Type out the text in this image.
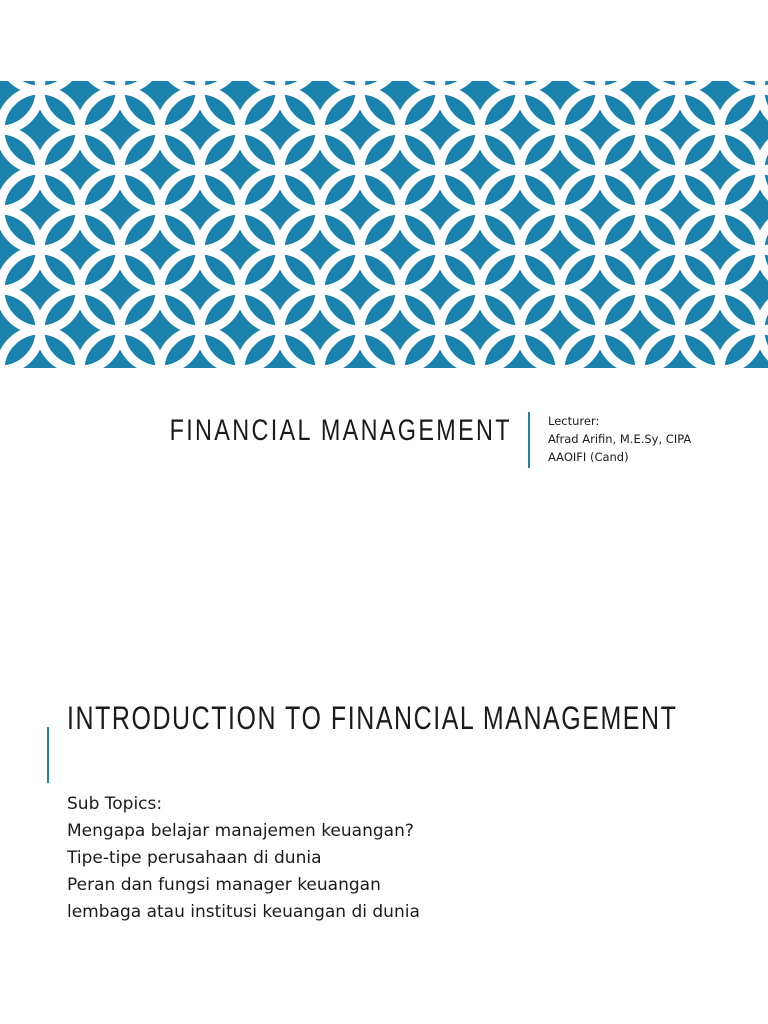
FINANCIAL MANAGEMENT	Lecturer:
Afrad Arifin, M.E.Sy, CIPA
AAOIFI (Cand)
INTRODUCTION TO FINANCIAL MANAGEMENT
Sub Topics:
Mengapa belajar manajemen keuangan?
Tipe-tipe perusahaan di dunia
Peran dan fungsi manager keuangan
lembaga atau institusi keuangan di dunia
